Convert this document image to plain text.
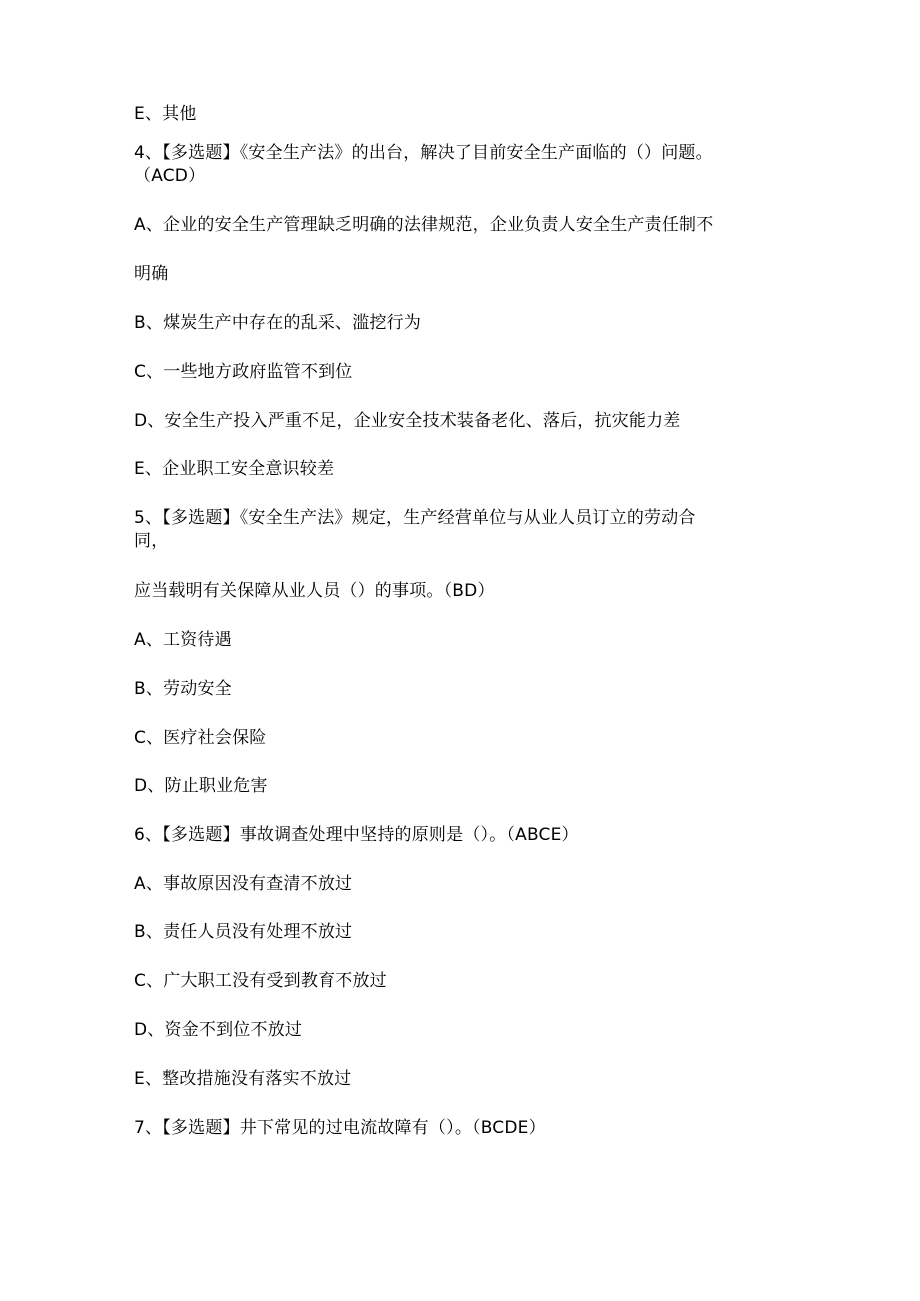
E、其他
4、【多选题】《安全生产法》的出台，解决了目前安全生产面临的（）问题。
（ACD）
A、企业的安全生产管理缺乏明确的法律规范，企业负责人安全生产责任制不
明确
B、煤炭生产中存在的乱采、滥挖行为
C、一些地方政府监管不到位
D、安全生产投入严重不足，企业安全技术装备老化、落后，抗灾能力差
E、企业职工安全意识较差
5、【多选题】《安全生产法》规定，生产经营单位与从业人员订立的劳动合
同，
应当载明有关保障从业人员（）的事项。（BD）
A、工资待遇
B、劳动安全
C、医疗社会保险
D、防止职业危害
6、【多选题】事故调查处理中坚持的原则是（）。（ABCE）
A、事故原因没有查清不放过
B、责任人员没有处理不放过
C、广大职工没有受到教育不放过
D、资金不到位不放过
E、整改措施没有落实不放过
7、【多选题】井下常见的过电流故障有（）。（BCDE）
